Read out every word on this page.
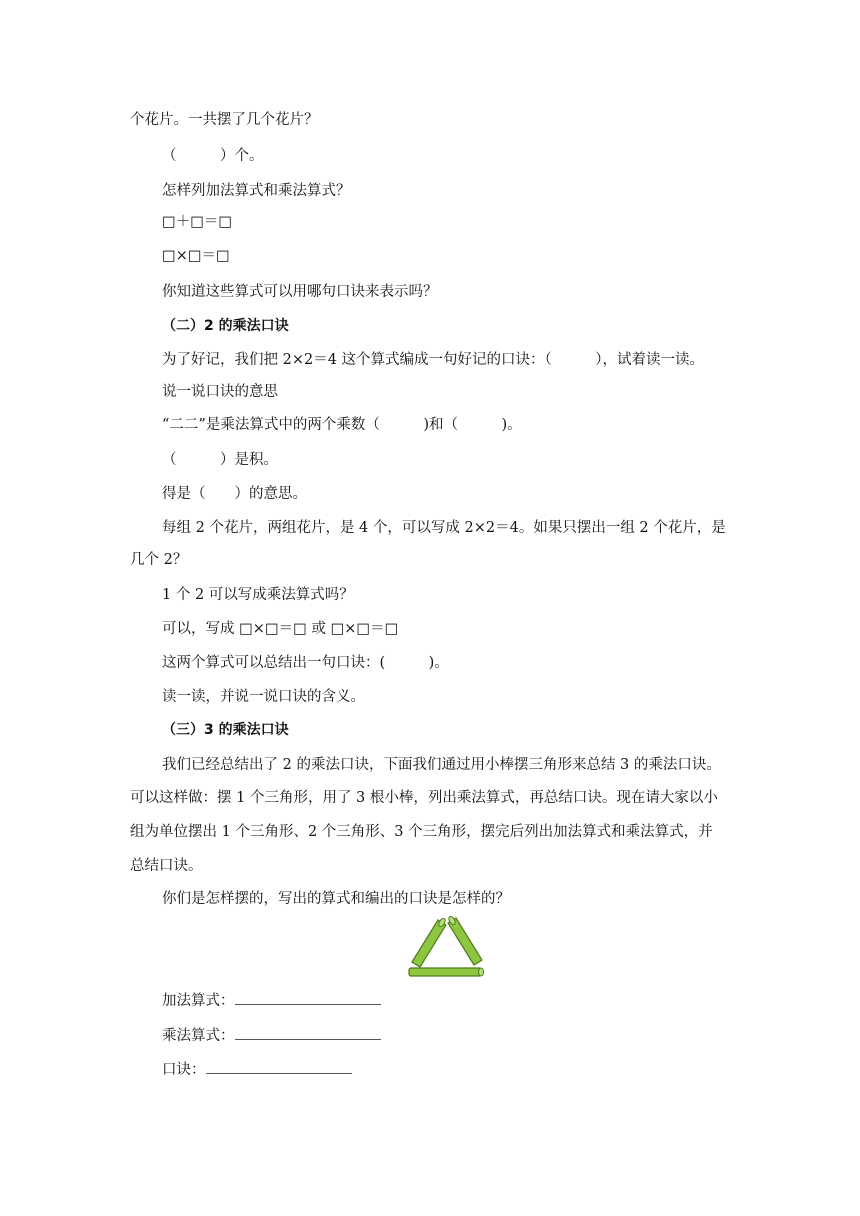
个花片。一共摆了几个花片？
（　　　）个。
怎样列加法算式和乘法算式？
□＋□＝□
□×□＝□
你知道这些算式可以用哪句口诀来表示吗？
（二）2 的乘法口诀
为了好记，我们把 2×2＝4 这个算式编成一句好记的口诀：（　　　），试着读一读。
说一说口诀的意思
“二二”是乘法算式中的两个乘数（　　　)和（　　　)。
（　　　）是积。
得是（　　）的意思。
每组 2 个花片，两组花片，是 4 个，可以写成 2×2＝4。如果只摆出一组 2 个花片，是
几个 2？
1 个 2 可以写成乘法算式吗？
可以，写成 □×□＝□ 或 □×□＝□
这两个算式可以总结出一句口诀：(　　　)。
读一读，并说一说口诀的含义。
（三）3 的乘法口诀
我们已经总结出了 2 的乘法口诀，下面我们通过用小棒摆三角形来总结 3 的乘法口诀。
可以这样做：摆 1 个三角形，用了 3 根小棒，列出乘法算式，再总结口诀。现在请大家以小
组为单位摆出 1 个三角形、2 个三角形、3 个三角形，摆完后列出加法算式和乘法算式，并
总结口诀。
你们是怎样摆的，写出的算式和编出的口诀是怎样的？
加法算式：
乘法算式：
口诀：
